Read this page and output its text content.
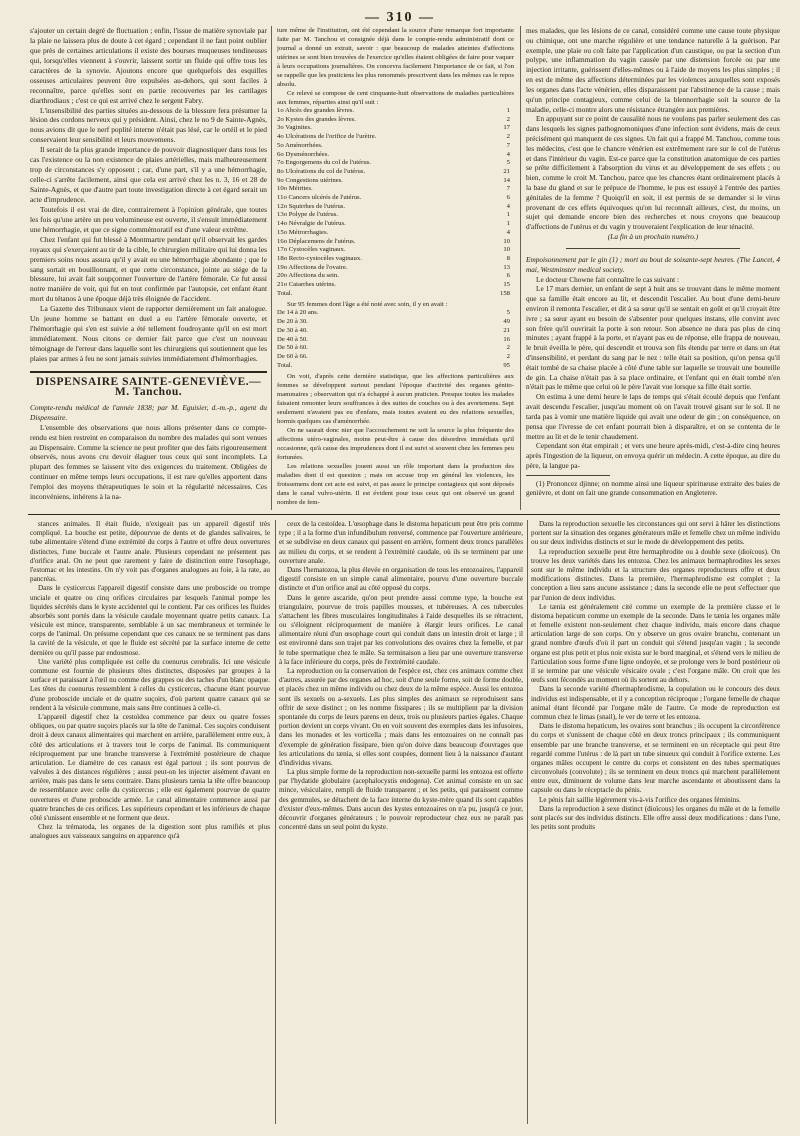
— 310 —

s'ajouter un certain degré de fluctuation ; enfin, l'issue de matière synoviale par la plaie ne laissera plus de doute à cet égard ; cependant il ne faut point oublier que près de certaines articulations il existe des bourses muqueuses tendineuses qui, lorsqu'elles viennent à s'ouvrir, laissent sortir un fluide qui offre tous les caractères de la synovie. Ajoutons encore que quelquefois des esquilles osseuses articulaires peuvent être expulsées au-dehors, qui sont faciles à reconnaître, parce qu'elles sont en partie recouvertes par les cartilages diarthrodiaux ; c'est ce qui est arrivé chez le sergent Fabry.

L'insensibilité des parties situées au-dessous de la blessure fera présumer la lésion des cordons nerveux qui y président. Ainsi, chez le no 9 de Sainte-Agnès, nous avions dit que le nerf poplité interne n'était pas lésé, car le ortéil et le pied conservaient leur sensibilité et leurs mouvemens.

Il serait de la plus grande importance de pouvoir diagnostiquer dans tous les cas l'existence ou la non existence de plaies artérielles, mais malheureusement trop de circonstances s'y opposent ; car, d'une part, s'il y a une hémorrhagie, celle-ci s'arrête facilement, ainsi que cela est arrivé chez les n. 3, 16 et 28 de Sainte-Agnès, et que d'autre part toute investigation directe à cet égard serait un acte d'imprudence.

Toutefois il est vrai de dire, contrairement à l'opinion générale, que toutes les fois qu'une artère un peu volumineuse est ouverte, il s'ensuit immédiatement une hémorrhagie, et que ce signe commémoratif est d'une valeur extrême.

Chez l'enfant qui fut blessé à Montmartre pendant qu'il observait les gardes royaux qui s'exerçaient au tir de la cible, le chirurgien militaire qui lui donna les premiers soins nous assura qu'il y avait eu une hémorrhagie abondante ; que le sang sortait en bouillonnant, et que cette circonstance, jointe au siége de la blessure, lui avait fait soupçonner l'ouverture de l'artère fémorale. Ce fut aussi notre manière de voir, qui fut en tout confirmée par l'autopsie, cet enfant étant mort du tétanos à une époque déjà très éloignée de l'accident.

La Gazette des Tribunaux vient de rapporter dernièrement un fait analogue. Un jeune homme se battant en duel a eu l'artère fémorale ouverte, et l'hémorrhagie qui s'en est suivie a été tellement foudroyante qu'il en est mort immédiatement. Nous citons ce dernier fait parce que c'est un nouveau témoignage de l'erreur dans laquelle sont les chirurgiens qui soutiennent que les plaies par armes à feu ne sont jamais suivies immédiatement d'hémorrhagies.

DISPENSAIRE SAINTE-GENEVIÈVE.—M. Tanchou.

Compte-rendu médical de l'année 1838; par M. Eguisier, d.-m.-p., agent du Dispensaire.

L'ensemble des observations que nous allons présenter dans ce compte-rendu est bien restreint en comparaison du nombre des malades qui sont venues au Dispensaire. Comme la science ne peut profiter que des faits rigoureusement observés, nous avons cru devoir élaguer tous ceux qui sont incomplets. La plupart des femmes se laissent vite des exigences du traitement. Obligées de continuer en même temps leurs occupations, il est rare qu'elles apportent dans l'emploi des moyens thérapeutiques le soin et la régularité nécessaires. Ces inconvéniens, inhérens à la na-

ture même de l'institution, ont été cependant la source d'une remarque fort importante faite par M. Tanchou et consignée déjà dans le compte-rendu administratif dont ce journal a donné un extrait, savoir : que beaucoup de malades atteintes d'affections utérines se sont bien trouvées de l'exercice qu'elles étaient obligées de faire pour vaquer à leurs occupations journalières. On concevra facilement l'importance de ce fait, si l'on se rappelle que les praticiens les plus renommés prescrivent dans les mêmes cas le repos absolu.

Ce relevé se compose de cent cinquante-huit observations de maladies particulières aux femmes, réparties ainsi qu'il suit :

1o Abcès des grandes lèvres.	1
2o Kystes des grandes lèvres.	2
3o Vaginites.	17
4o Ulcérations de l'orifice de l'urètre.	2
5o Aménorrhées.	7
6o Dysménorrhées.	4
7o Engorgemens du col de l'utérus.	5
8o Ulcérations du col de l'utérus.	21
9o Congestions utérines.	14
10o Métrites.	7
11o Cancers ulcérés de l'utérus.	6
12o Squirrhes de l'utérus.	4
13o Polype de l'utérus.	1
14o Névralgie de l'utérus.	1
15o Métrorrhagies.	4
16o Déplacemens de l'utérus.	10
17o Cystocèles vaginaux.	10
18o Recto-cystocèles vaginaux.	8
19o Affections de l'ovaire.	13
20o Affections du sein.	6
21o Catarrhes utérins.	15
Total.	158

Sur 95 femmes dont l'âge a été noté avec soin, il y en avait :

De 14 à 20 ans.	5
De 20 à 30.	49
De 30 à 40.	21
De 40 à 50.	16
De 50 à 60.	2
De 60 à 66.	2
Total.	95

On voit, d'après cette dernière statistique, que les affections particulières aux femmes se développent surtout pendant l'époque d'activité des organes génito-mammaires ; observation qui n'a échappé à aucun praticien. Presque toutes les malades faisaient remonter leurs souffrances à des suites de couches ou à des avortemens. Sept seulement n'avaient pas eu d'enfans, mais toutes avaient eu des relations sexuelles, hormis quelques cas d'aménorrhée.

On ne saurait donc nier que l'accouchement ne soit la source la plus fréquente des affections utéro-vaginales, moins peut-être à cause des désordres immédiats qu'il occasionne, qu'à cause des imprudences dont il est suivi si souvent chez les femmes peu fortunées.

Les relations sexuelles jouent aussi un rôle important dans la production des maladies dont il est question ; mais on accuse trop en général les violences, les froissemens dont cet acte est suivi, et pas assez le principe contagieux qui sont déposés dans le canal vulvo-utérin. Il est évident pour tous ceux qui ont observé un grand nombre de fem-

mes malades, que les lésions de ce canal, considéré comme une cause toute physique ou chimique, ont une marche régulière et une tendance naturelle à la guérison. Par exemple, une plaie ou coït faite par l'application d'un caustique, ou par la section d'un polype, une inflammation du vagin causée par une distension forcée ou par une injection irritante, guérissent d'elles-mêmes ou à l'aide de moyens les plus simples ; il en est de même des affections déterminées par les violences auxquelles sont exposés les organes dans l'acte vénérien, elles disparaissent par l'abstinence de la cause ; mais qu'un principe contagieux, comme celui de la blennorrhagie soit la source de la maladie, celle-ci montre alors une résistance étrangère aux premières.

En appuyant sur ce point de causalité nous ne voulons pas parler seulement des cas dans lesquels les signes pathognomoniques d'une infection sont évidens, mais de ceux précisément qui manquent de ces signes. Un fait qui a frappé M. Tanchou, comme tous les médecins, c'est que le chancre vénérien est extrêmement rare sur le col de l'utérus et dans l'intérieur du vagin. Est-ce parce que la constitution anatomique de ces parties se prête difficilement à l'absorption du virus et au développement de ses effets ; ou bien, comme le croit M. Tanchou, parce que les chancres étant ordinairement placés à la base du gland et sur le prépuce de l'homme, le pus est essuyé à l'entrée des parties génitales de la femme ? Quoiqu'il en soit, il est permis de se demander si le virus provenant de ces effets équivoques qu'on lui reconnaît ailleurs, c'est, du moins, un sujet qui demande encore bien des recherches et nous croyons que beaucoup d'affections de l'utérus et du vagin y trouveraient l'explication de leur ténacité.

(La fin à un prochain numéro.)

Empoisonnement par le gin (1) ; mort au bout de soixante-sept heures. (The Lancet, 4 mai, Westminster medical society.

Le docteur Chowne fait connaître le cas suivant :

Le 17 mars dernier, un enfant de sept à huit ans se trouvant dans le même moment que sa famille était encore au lit, et descendit l'escalier. Au bout d'une demi-heure environ il remonta l'escalier, et dit à sa sœur qu'il se sentait en goût et qu'il croyait être ivre ; sa sœur ayant eu besoin de s'absenter pour quelques instans, elle convint avec son frère qu'il ouvrirait la porte à son retour. Son absence ne dura pas plus de cinq minutes ; ayant frappé à la porte, et n'ayant pas eu de réponse, elle frappa de nouveau, le bruit éveilla le père, qui descendit et trouva son fils étendu par terre et dans un état d'insensibilité, et perdant du sang par le nez : telle était sa position, qu'on pensa qu'il était tombé de sa chaise placée à côté d'une table sur laquelle se trouvait une bouteille de gin. La chaise n'était pas à sa place ordinaire, et l'enfant qui en était tombé n'en n'était pas le même que celui où le père l'avait vue lorsque sa fille était sortie.

On estima à une demi heure le laps de temps qui s'était écoulé depuis que l'enfant avait descendu l'escalier, jusqu'au moment où on l'avait trouvé gisant sur le sol. Il ne tarda pas à vomir une matière liquide qui avait une odeur de gin ; on conséquence, on pensa que l'ivresse de cet enfant pourrait bien à disparaître, et on se contenta de le mettre au lit et de le tenir chaudement.

Cependant son état empirait ; et vers une heure après-midi, c'est-à-dire cinq heures après l'ingestion de la liqueur, on envoya quérir un médecin. A cette époque, au dire du père, la langue pa-

(1) Prononcez djinne; on nomme ainsi une liqueur spiritueuse extraite des baies de genièvre, et dont on fait une grande consommation en Angleterre.

stances animales. Il était fluide, n'exigeait pas un appareil digestif très compliqué. La bouche est petite, dépourvue de dents et de glandes salivaires, le tube alimentaire s'étend d'une extrémité du corps à l'autre et offre deux ouvertures distinctes, l'une buccale et l'autre anale. Plusieurs cependant ne présentent pas d'orifice anal. On ne peut que rarement y faire de distinction entre l'œsophage, l'estomac et les intestins. On n'y voit pas d'organes analogues au foie, à la rate, au pancréas.

Dans le cysticercus l'appareil digestif consiste dans une proboscide ou trompe unciale et quatre ou cinq orifices circulaires par lesquels l'animal pompe les liquides sécrétés dans le kyste accidentel qui le contient. Par ces orifices les fluides absorbés sont portés dans la vésicule caudale moyennant quatre petits canaux. La vésicule est mince, transparente, semblable à un sac membraneux et terminée le corps de l'animal. On présume cependant que ces canaux ne se terminent pas dans la cavité de la vésicule, et que le fluide est sécrété par la surface interne de cette dernière ou qu'il passe par endosmose.

Une variété plus compliquée est celle du coenurus cerebralis. Ici une vésicule commune est fournie de plusieurs têtes distinctes, disposées par groupes à la surface et paraissant à l'œil nu comme des grappes ou des taches d'un blanc opaque. Les têtes du coenurus ressemblent à celles du cysticercus, chacune étant pourvue d'une proboscide unciale et de quatre suçoirs, d'où partent quatre canaux qui se rendent à la vésicule commune, mais sans être continues à celle-ci.

L'appareil digestif chez la cestoïdea commence par deux ou quatre fosses obliques, ou par quatre suçoirs placés sur la tête de l'animal. Ces suçoirs conduisent droit à deux canaux alimentaires qui marchent en arrière, parallèlement entre eux, à côté des articulations et à travers tout le corps de l'animal. Ils communiquent réciproquement par une branche transverse à l'extrémité postérieure de chaque articulation. Le diamètre de ces canaux est égal partout ; ils sont pourvus de valvules à des distances régulières ; aussi peut-on les injecter aisément d'avant en arrière, mais pas dans le sens contraire. Dans plusieurs tænia la tête offre beaucoup de ressemblance avec celle du cysticercus ; elle est également pourvue de quatre ouvertures et d'une proboscide armée. Le canal alimentaire commence aussi par quatre branches de ces orifices. Les supérieurs cependant et les inférieurs de chaque côté s'unissent ensemble et ne forment que deux.

Chez la trématoda, les organes de la digestion sont plus ramifiés et plus analogues aux vaisseaux sanguins en apparence qu'à

ceux de la cestoïdea. L'œsophage dans le distoma hepaticum peut être pris comme type ; il a la forme d'un infundibulum renversé, commence par l'ouverture antérieure, et se subdivise en deux canaux qui passent en arrière, forment deux troncs parallèles au milieu du corps, et se rendent à l'extrémité caudale, où ils se terminent par une ouverture anale.

Dans l'hematozoa, la plus élevée en organisation de tous les entozoaires, l'appareil digestif consiste en un simple canal alimentaire, pourvu d'une ouverture buccale distincte et d'un orifice anal au côté opposé du corps.

Dans le genre ascaride, qu'on peut prendre aussi comme type, la bouche est triangulaire, pourvue de trois papilles mousses, et tubéreuses. A ces tubercules s'attachent les fibres musculaires longitudinales à l'aide desquelles ils se rétractent, ou s'éloignent réciproquement de manière à élargir leurs orifices. Le canal alimentaire réuni d'un œsophage court qui conduit dans un intestin droit et large ; il est environné dans son trajet par les convolutions des ovaires chez la femelle, et par le tube spermatique chez le mâle. Sa terminaison a lieu par une ouverture transverse à la face inférieure du corps, près de l'extrémité caudale.

La reproduction ou la conservation de l'espèce est, chez ces animaux comme chez d'autres, assurée par des organes ad hoc, soit d'une seule forme, soit de forme double, et placés chez un même individu ou chez deux de la même espèce. Aussi les entozoa sont ils sexuels ou a-sexuels. Les plus simples des animaux se reproduisent sans offrir de sexe distinct ; on les nomme fissipares ; ils se multiplient par la division spontanée du corps de leurs parens en deux, trois ou plusieurs parties égales. Chaque portion devient un corps vivant. On en voit souvent des exemples dans les infusoires, dans les monades et les vorticella ; mais dans les entozoaires on ne connaît pas d'exemple de génération fissipare, bien qu'on doive dans beaucoup d'ouvrages que les articulations du tænia, si elles sont coupées, donnent lieu à la naissance d'autant d'individus vivans.

La plus simple forme de la reproduction non-sexuelle parmi les entozoa est offerte par l'hydatide globulaire (acephalocystis endogena). Cet animal consiste en un sac mince, vésiculaire, rempli de fluide transparent ; et les petits, qui paraissent comme des gemmules, se détachent de la face interne du kyste-mère quand ils sont capables d'exister d'eux-mêmes. Dans aucun des kystes entozoaires on n'a pu, jusqu'à ce jour, découvrir d'organes générateurs ; le pouvoir reproducteur chez eux ne paraît pas concentré dans un seul point du kyste.

Dans la reproduction sexuelle les circonstances qui ont servi à hâter les distinctions portent sur la situation des organes générateurs mâle et femelle chez un même individu ou sur deux individus distincts et sur le mode de développement des petits.

La reproduction sexuelle peut être hermaphrodite ou à double sexe (dioïcous). On trouve les deux variétés dans les entozoa. Chez les animaux hermaphrodites les sexes sont sur le même individu et la structure des organes reproducteurs offre et deux modifications distinctes. Dans la première, l'hermaphrodisme est complet ; la conception a lieu sans aucune assistance ; dans la seconde elle ne peut s'effectuer que par l'union de deux individus.

Le tænia est généralement cité comme un exemple de la première classe et le distoma hepaticum comme un exemple de la seconde. Dans le tænia les organes mâle et femelle existent non-seulement chez chaque individu, mais encore dans chaque articulation large de son corps. On y observe un gros ovaire branchu, contenant un grand nombre d'œufs d'où il part un conduit qui s'étend jusqu'au vagin ; la seconde organe est plus petit et plus noir exista sur le bord marginal, et s'étend vers le milieu de l'articulation sous forme d'une ligne ondoyée, et se prolonge vers le bord postérieur où il se termine par une vésicule vésicaire ovale ; c'est l'organe mâle. On croit que les œufs sont fécondés au moment où ils sortent au dehors.

Dans la seconde variété d'hermaphrodisme, la copulation ou le concours des deux individus est indispensable, et il y a conception réciproque ; l'organe femelle de chaque animal étant fécondé par l'organe mâle de l'autre. Ce mode de reproduction est commun chez le limas (snail), le ver de terre et les entozoa.

Dans le distoma hepaticum, les ovaires sont branchus ; ils occupent la circonférence du corps et s'unissent de chaque côté en deux troncs principaux ; ils communiquent ensemble par une branche transverse, et se terminent en un réceptacle qui peut être regardé comme l'utérus : de là part un tube sinueux qui conduit à l'orifice externe. Les organes mâles occupent le centre du corps et consistent en des tubes spermatiques circonvolués (convolute) ; ils se terminent en deux troncs qui marchent parallèlement entre eux, diminuent de volume dans leur marche ascendante et aboutissent dans la capsule ou dans le réceptacle du pénis.

Le pénis fait saillie légèrement vis-à-vis l'orifice des organes féminins.

Dans la reproduction à sexe distinct (dioïcous) les organes du mâle et de la femelle sont placés sur des individus distincts. Elle offre aussi deux modifications : dans l'une, les petits sont produits
